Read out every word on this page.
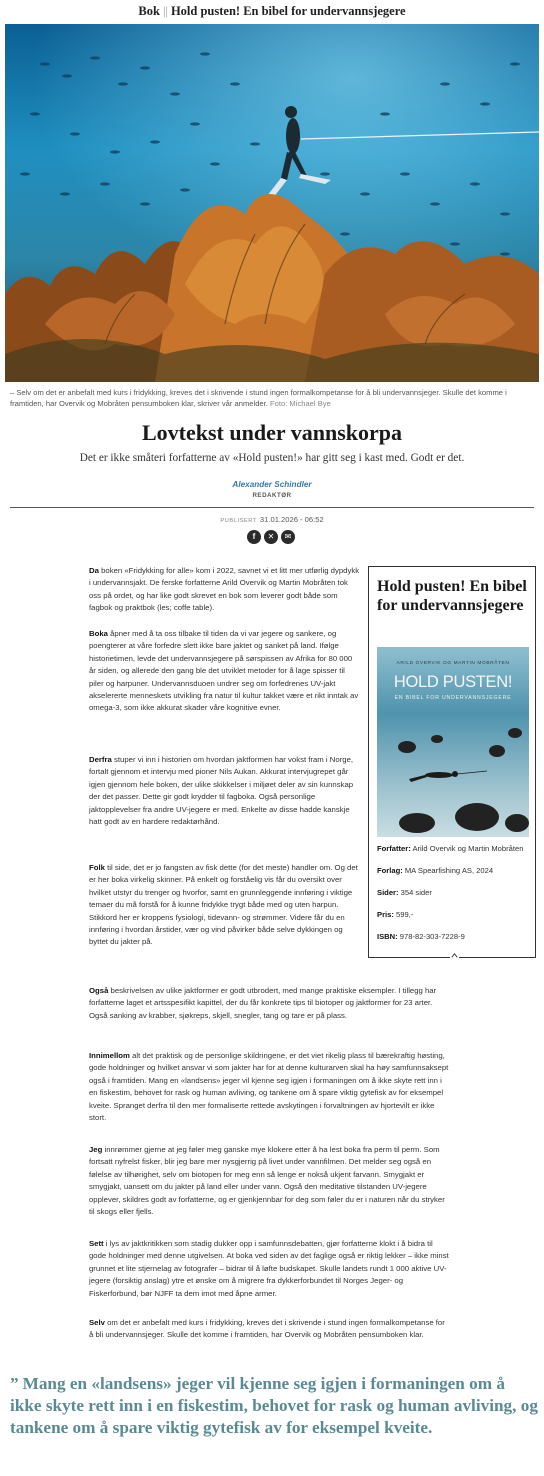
Bok || Hold pusten! En bibel for undervannsjegere
– Selv om det er anbefalt med kurs i fridykking, kreves det i skrivende i stund ingen formalkompetanse for å bli undervannsjeger. Skulle det komme i framtiden, har Overvik og Mobråten pensumboken klar, skriver vår anmelder. Foto: Michael Bye
Lovtekst under vannskorpa

Det er ikke småteri forfatterne av «Hold pusten!» har gitt seg i kast med. Godt er det.

Alexander Schindler
REDAKTØR
PUBLISERT 31.01.2026 - 06:52
f	✕	✉

Da boken «Fridykking for alle» kom i 2022, savnet vi et litt mer utførlig dypdykk i undervannsjakt. De ferske forfatterne Arild Overvik og Martin Mobråten tok oss på ordet, og har like godt skrevet en bok som leverer godt både som fagbok og praktbok (les; coffe table).

Boka åpner med å ta oss tilbake til tiden da vi var jegere og sankere, og poengterer at våre forfedre slett ikke bare jaktet og sanket på land. Ifølge historietimen, levde det undervannsjegere på sørspissen av Afrika for 80 000 år siden, og allerede den gang ble det utviklet metoder for å lage spisser til piler og harpuner. Undervannsduoen undrer seg om forfedrenes UV-jakt akselererte menneskets utvikling fra natur til kultur takket være et rikt inntak av omega-3, som ikke akkurat skader våre kognitive evner.

Derfra stuper vi inn i historien om hvordan jaktformen har vokst fram i Norge, fortalt gjennom et intervju med pioner Nils Aukan. Akkurat intervjugrepet går igjen gjennom hele boken, der ulike skikkelser i miljøet deler av sin kunnskap der det passer. Dette gir godt krydder til fagboka. Også personlige jaktopplevelser fra andre UV-jegere er med. Enkelte av disse hadde kanskje hatt godt av en hardere redaktørhånd.

Folk til side, det er jo fangsten av fisk dette (for det meste) handler om. Og det er her boka virkelig skinner. På enkelt og forståelig vis får du oversikt over hvilket utstyr du trenger og hvorfor, samt en grunnleggende innføring i viktige temaer du må forstå for å kunne fridykke trygt både med og uten harpun. Stikkord her er kroppens fysiologi, tidevann- og strømmer. Videre får du en innføring i hvordan årstider, vær og vind påvirker både selve dykkingen og byttet du jakter på.

Også beskrivelsen av ulike jaktformer er godt utbrodert, med mange praktiske eksempler. I tillegg har forfatterne laget et artsspesifikt kapittel, der du får konkrete tips til biotoper og jaktformer for 23 arter. Også sanking av krabber, sjøkreps, skjell, snegler, tang og tare er på plass.

Innimellom alt det praktisk og de personlige skildringene, er det viet rikelig plass til bærekraftig høsting, gode holdninger og hvilket ansvar vi som jakter har for at denne kulturarven skal ha høy samfunnsaksept også i framtiden. Mang en «landsens» jeger vil kjenne seg igjen i formaningen om å ikke skyte rett inn i en fiskestim, behovet for rask og human avliving, og tankene om å spare viktig gytefisk av for eksempel kveite. Spranget derfra til den mer formaliserte rettede avskytingen i forvaltningen av hjortevilt er ikke stort.

Jeg innrømmer gjerne at jeg føler meg ganske mye klokere etter å ha lest boka fra perm til perm. Som fortsatt nyfrelst fisker, blir jeg bare mer nysgjerrig på livet under vannfilmen. Det melder seg også en følelse av tilhørighet, selv om biotopen for meg enn så lenge er nokså ukjent farvann. Smygjakt er smygjakt, uansett om du jakter på land eller under vann. Også den meditative tilstanden UV-jegere opplever, skildres godt av forfatterne, og er gjenkjennbar for deg som føler du er i naturen når du stryker til skogs eller fjells.

Sett i lys av jaktkritikken som stadig dukker opp i samfunnsdebatten, gjør forfatterne klokt i å bidra til gode holdninger med denne utgivelsen. At boka ved siden av det faglige også er riktig lekker – ikke minst grunnet et lite stjernelag av fotografer – bidrar til å løfte budskapet. Skulle landets rundt 1 000 aktive UV-jegere (forsiktig anslag) ytre et ønske om å migrere fra dykkerforbundet til Norges Jeger- og Fiskerforbund, bør NJFF ta dem imot med åpne armer.

Selv om det er anbefalt med kurs i fridykking, kreves det i skrivende i stund ingen formalkompetanse for å bli undervannsjeger. Skulle det komme i framtiden, har Overvik og Mobråten pensumboken klar.

Hold pusten! En bibel for undervannsjegere
ARILD OVERVIK OG MARTIN MOBRÅTEN
HOLD PUSTEN!
EN BIBEL FOR UNDERVANNSJEGERE
Forfatter: Arild Overvik og Martin Mobråten
Forlag: MA Spearfishing AS, 2024
Sider: 354 sider
Pris: 599,-
ISBN: 978-82-303-7228-9
” Mang en «landsens» jeger vil kjenne seg igjen i formaningen om å ikke skyte rett inn i en fiskestim, behovet for rask og human avliving, og tankene om å spare viktig gytefisk av for eksempel kveite.
